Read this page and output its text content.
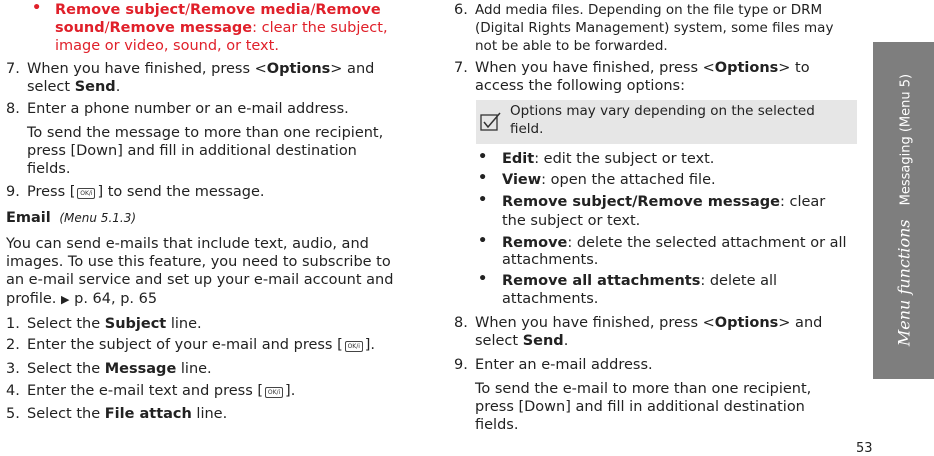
• Remove subject/Remove media/Remove
sound/Remove message: clear the subject,
image or video, sound, or text.
7. When you have finished, press <Options> and
select Send.
8. Enter a phone number or an e-mail address.
To send the message to more than one recipient,
press [Down] and fill in additional destination
fields.
9. Press [ OK/i ] to send the message.
Email (Menu 5.1.3)
You can send e-mails that include text, audio, and
images. To use this feature, you need to subscribe to
an e-mail service and set up your e-mail account and
profile. ▶ p. 64, p. 65
1. Select the Subject line.
2. Enter the subject of your e-mail and press [ OK/i ].
3. Select the Message line.
4. Enter the e-mail text and press [ OK/i ].
5. Select the File attach line.
6. Add media files. Depending on the file type or DRM
(Digital Rights Management) system, some files may
not be able to be forwarded.
7. When you have finished, press <Options> to
access the following options:
Options may vary depending on the selected
field.
• Edit: edit the subject or text.
• View: open the attached file.
• Remove subject/Remove message: clear
the subject or text.
• Remove: delete the selected attachment or all
attachments.
• Remove all attachments: delete all
attachments.
8. When you have finished, press <Options> and
select Send.
9. Enter an e-mail address.
To send the e-mail to more than one recipient,
press [Down] and fill in additional destination
fields.
Menu functionsMessaging (Menu 5)
53
